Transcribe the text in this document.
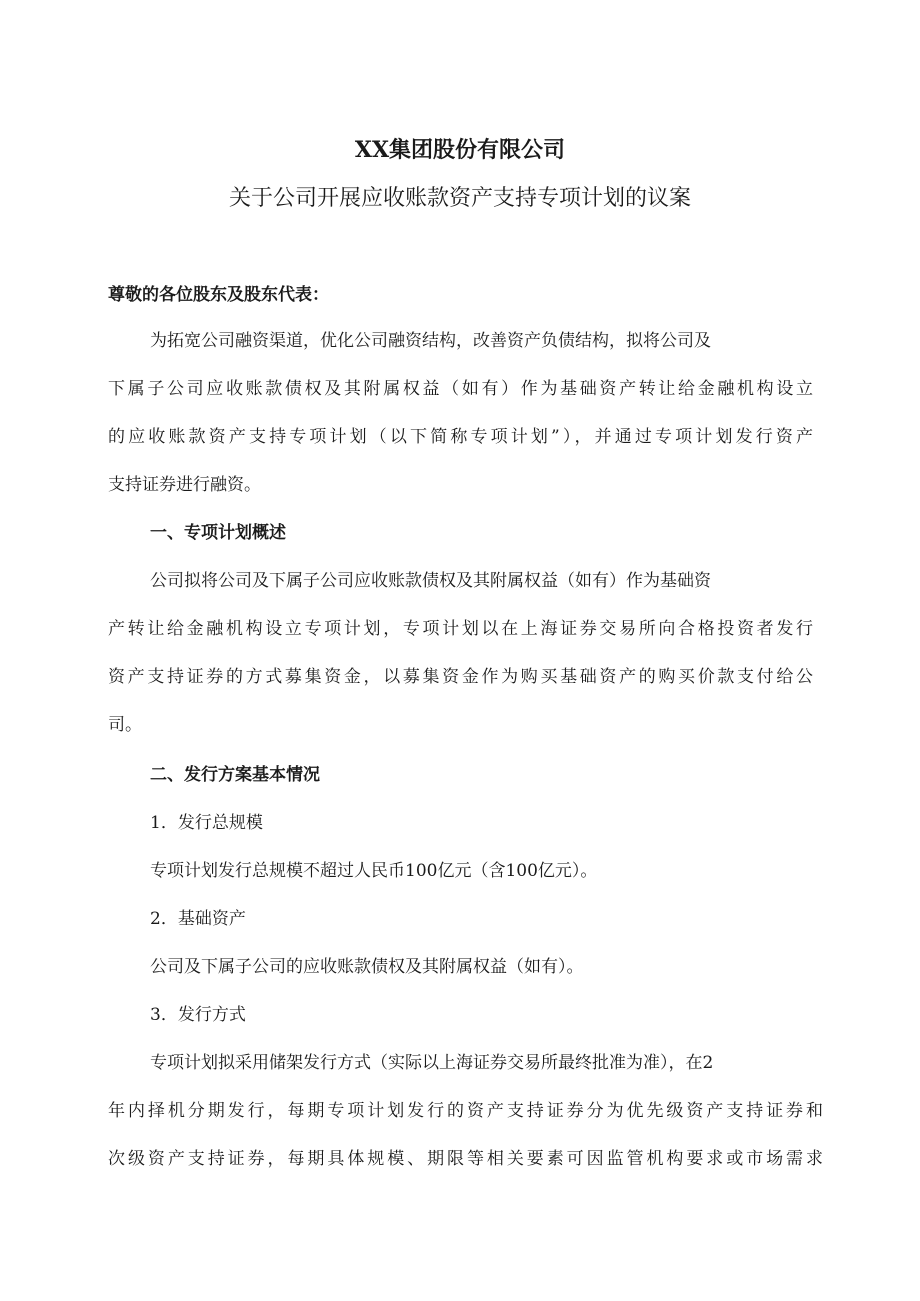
XX集团股份有限公司
关于公司开展应收账款资产支持专项计划的议案
尊敬的各位股东及股东代表：
为拓宽公司融资渠道，优化公司融资结构，改善资产负债结构，拟将公司及
下属子公司应收账款债权及其附属权益（如有）作为基础资产转让给金融机构设立
的应收账款资产支持专项计划（以下简称专项计划”），并通过专项计划发行资产
支持证券进行融资。
一、专项计划概述
公司拟将公司及下属子公司应收账款债权及其附属权益（如有）作为基础资
产转让给金融机构设立专项计划，专项计划以在上海证券交易所向合格投资者发行
资产支持证券的方式募集资金，以募集资金作为购买基础资产的购买价款支付给公
司。
二、发行方案基本情况
1．发行总规模
专项计划发行总规模不超过人民币100亿元（含100亿元）。
2．基础资产
公司及下属子公司的应收账款债权及其附属权益（如有）。
3．发行方式
专项计划拟采用储架发行方式（实际以上海证券交易所最终批准为准），在2
年内择机分期发行，每期专项计划发行的资产支持证券分为优先级资产支持证券和
次级资产支持证券，每期具体规模、期限等相关要素可因监管机构要求或市场需求
